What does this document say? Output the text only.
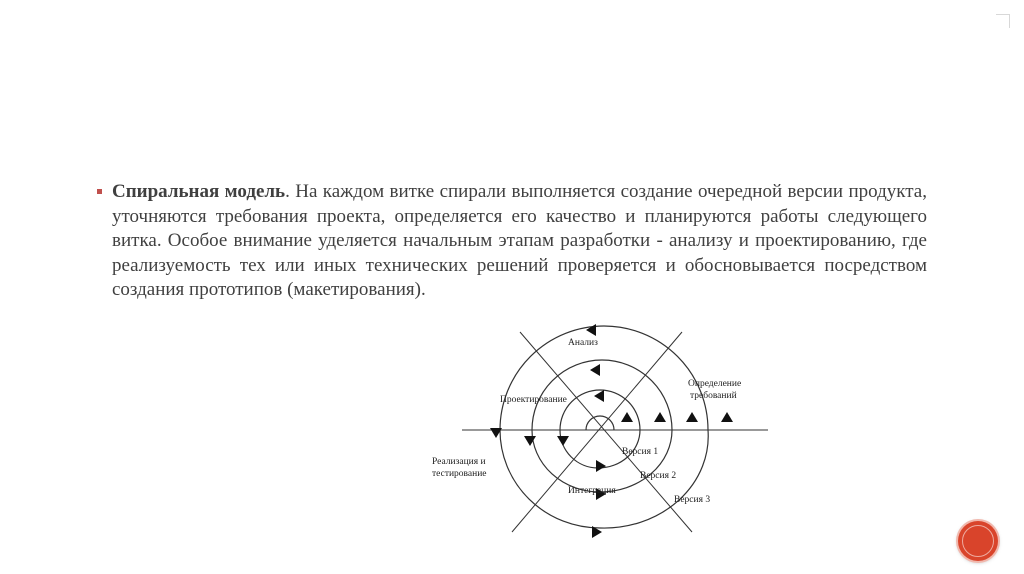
Спиральная модель. На каждом витке спирали выполняется создание очередной версии продукта, уточняются требования проекта, определяется его качество и планируются работы следующего витка. Особое внимание уделяется начальным этапам разработки - анализу и проектированию, где реализуемость тех или иных технических решений проверяется и обосновывается посредством создания прототипов (макетирования).

Анализ
Проектирование
Определение
требований
Реализация и
тестирование
Интеграция
Версия 1
Версия 2
Версия 3
